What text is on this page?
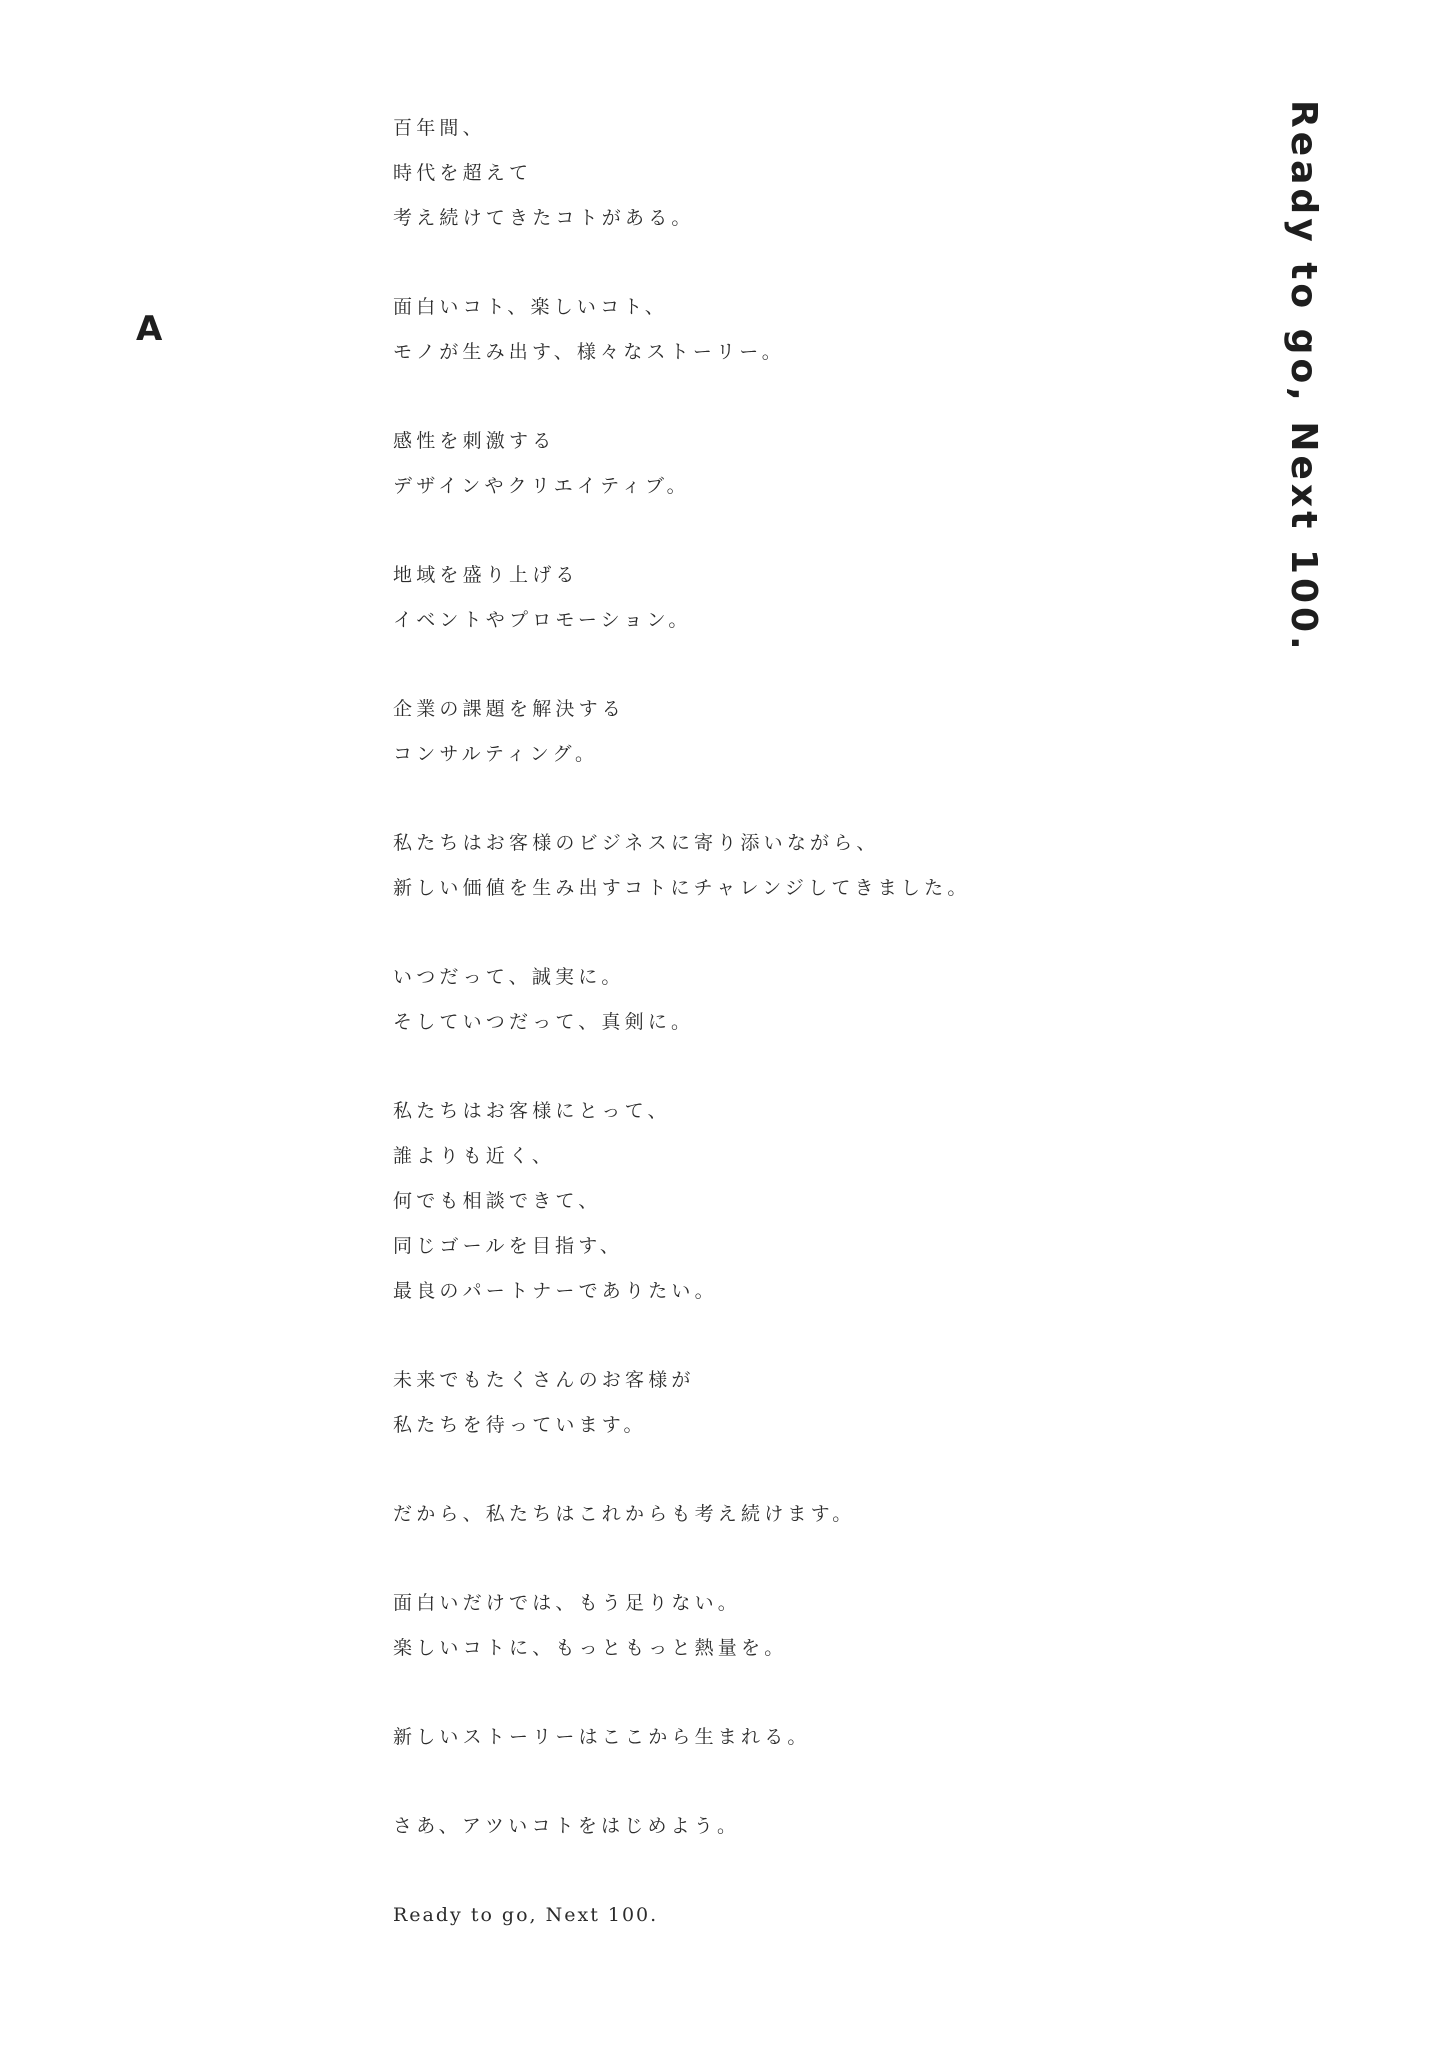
A	Ready to go, Next 100.
百年間、
時代を超えて
考え続けてきたコトがある。
面白いコト、楽しいコト、
モノが生み出す、様々なストーリー。
感性を刺激する
デザインやクリエイティブ。
地域を盛り上げる
イベントやプロモーション。
企業の課題を解決する
コンサルティング。
私たちはお客様のビジネスに寄り添いながら、
新しい価値を生み出すコトにチャレンジしてきました。
いつだって、誠実に。
そしていつだって、真剣に。
私たちはお客様にとって、
誰よりも近く、
何でも相談できて、
同じゴールを目指す、
最良のパートナーでありたい。
未来でもたくさんのお客様が
私たちを待っています。
だから、私たちはこれからも考え続けます。
面白いだけでは、もう足りない。
楽しいコトに、もっともっと熱量を。
新しいストーリーはここから生まれる。
さあ、アツいコトをはじめよう。
Ready to go, Next 100.
